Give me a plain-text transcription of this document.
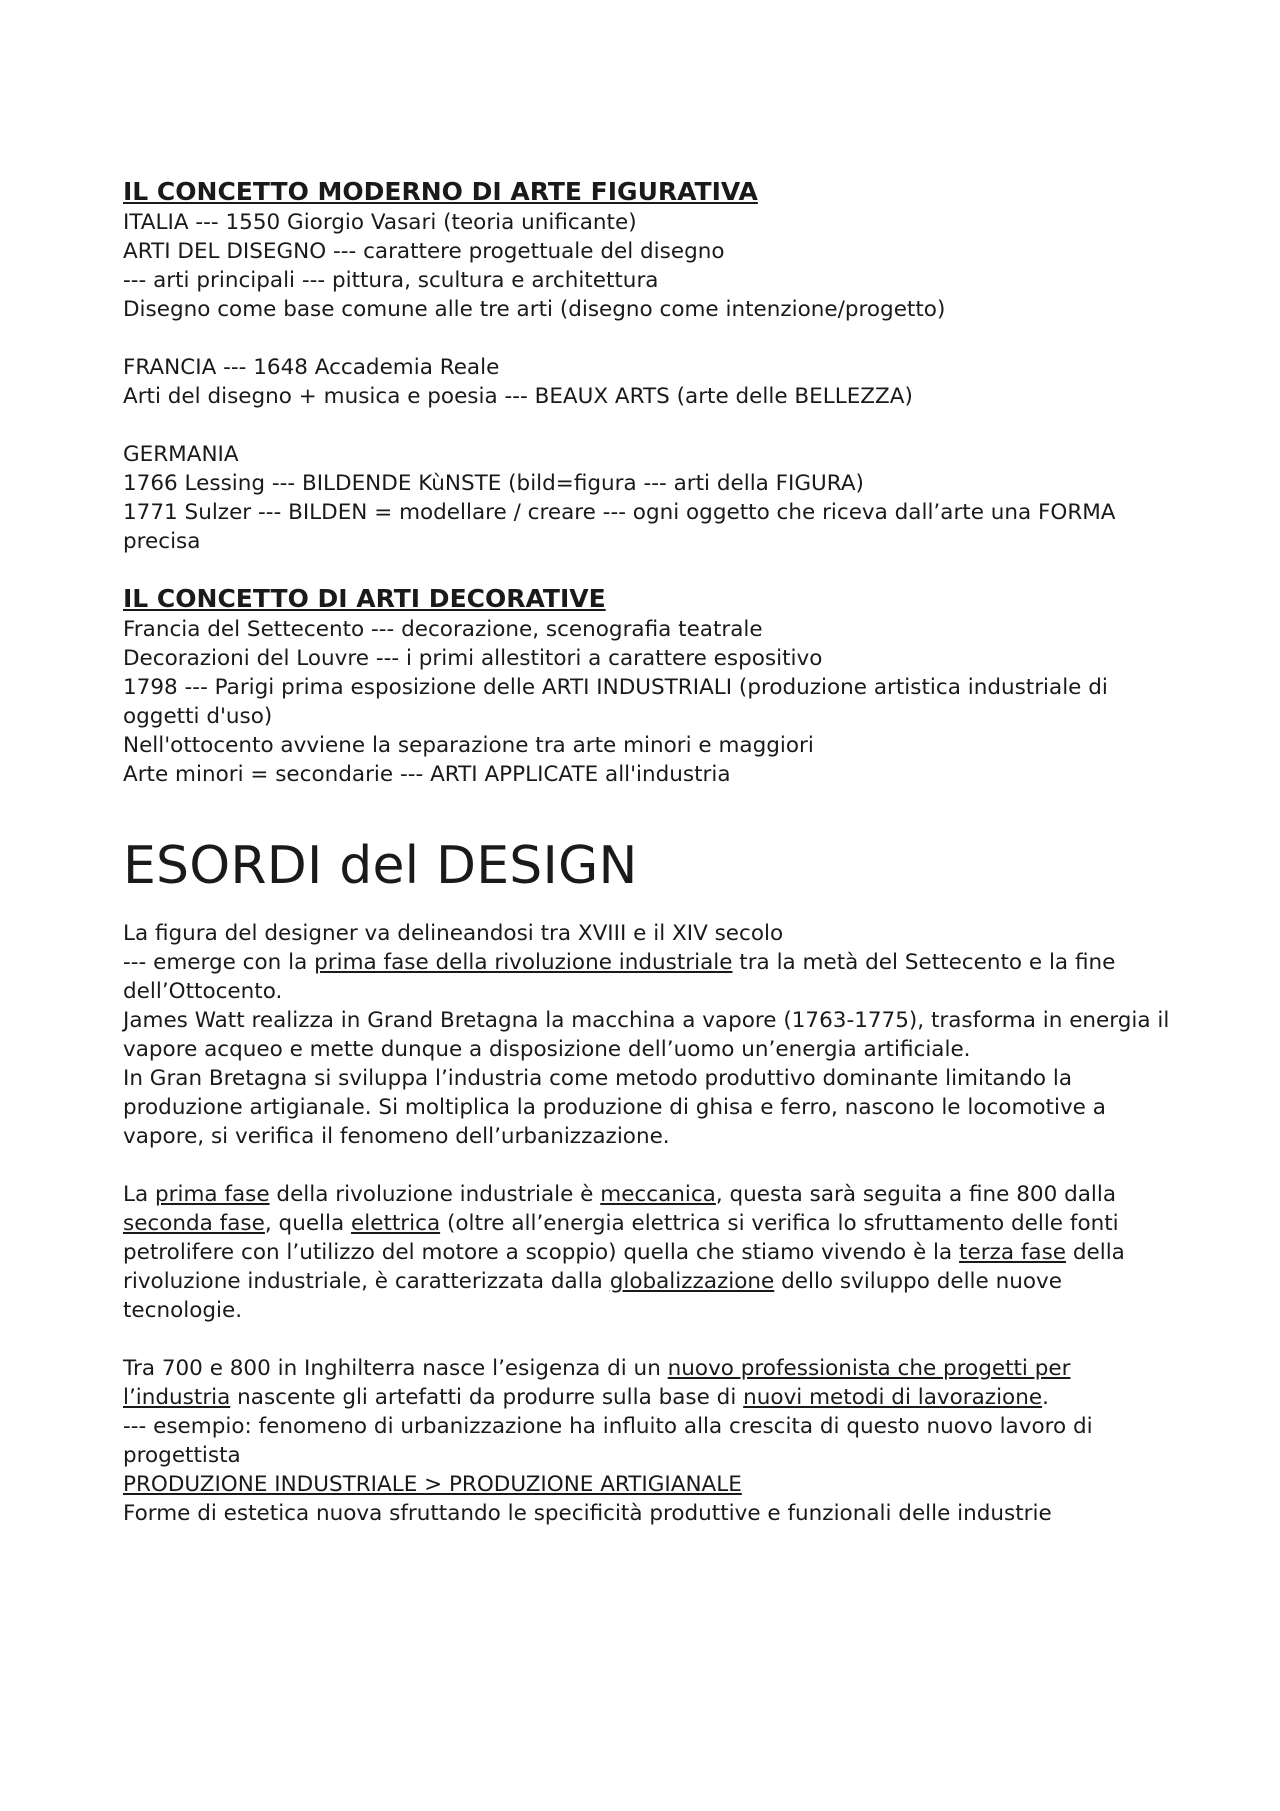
IL CONCETTO MODERNO DI ARTE FIGURATIVA

ITALIA --- 1550 Giorgio Vasari (teoria unificante)

ARTI DEL DISEGNO --- carattere progettuale del disegno

--- arti principali --- pittura, scultura e architettura

Disegno come base comune alle tre arti (disegno come intenzione/progetto)

FRANCIA --- 1648 Accademia Reale

Arti del disegno + musica e poesia --- BEAUX ARTS (arte delle BELLEZZA)

GERMANIA

1766 Lessing --- BILDENDE KùNSTE (bild=figura --- arti della FIGURA)

1771 Sulzer --- BILDEN = modellare / creare --- ogni oggetto che riceva dall’arte una FORMA precisa

IL CONCETTO DI ARTI DECORATIVE

Francia del Settecento --- decorazione, scenografia teatrale

Decorazioni del Louvre --- i primi allestitori a carattere espositivo

1798 --- Parigi prima esposizione delle ARTI INDUSTRIALI (produzione artistica industriale di oggetti d'uso)

Nell'ottocento avviene la separazione tra arte minori e maggiori

Arte minori = secondarie --- ARTI APPLICATE all'industria

ESORDI del DESIGN

La figura del designer va delineandosi tra XVIII e il XIV secolo

--- emerge con la prima fase della rivoluzione industriale tra la metà del Settecento e la fine dell’Ottocento.

James Watt realizza in Grand Bretagna la macchina a vapore (1763-1775), trasforma in energia il vapore acqueo e mette dunque a disposizione dell’uomo un’energia artificiale.

In Gran Bretagna si sviluppa l’industria come metodo produttivo dominante limitando la produzione artigianale. Si moltiplica la produzione di ghisa e ferro, nascono le locomotive a vapore, si verifica il fenomeno dell’urbanizzazione.

La prima fase della rivoluzione industriale è meccanica, questa sarà seguita a fine 800 dalla seconda fase, quella elettrica (oltre all’energia elettrica si verifica lo sfruttamento delle fonti petrolifere con l’utilizzo del motore a scoppio) quella che stiamo vivendo è la terza fase della rivoluzione industriale, è caratterizzata dalla globalizzazione dello sviluppo delle nuove tecnologie.

Tra 700 e 800 in Inghilterra nasce l’esigenza di un nuovo professionista che progetti per l’industria nascente gli artefatti da produrre sulla base di nuovi metodi di lavorazione.

--- esempio: fenomeno di urbanizzazione ha influito alla crescita di questo nuovo lavoro di progettista

PRODUZIONE INDUSTRIALE > PRODUZIONE ARTIGIANALE

Forme di estetica nuova sfruttando le specificità produttive e funzionali delle industrie
